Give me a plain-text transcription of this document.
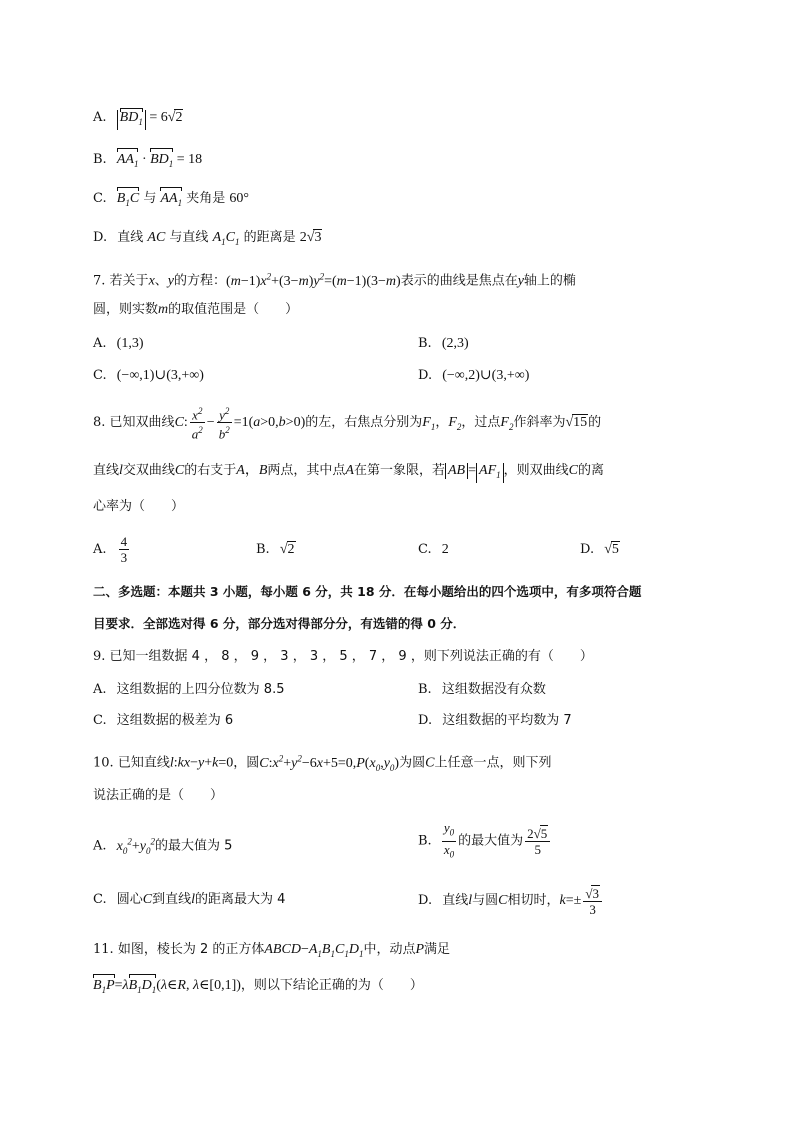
A. $BD_1 = 6√2$
B. $AA_1 \cdot BD_1 = 18$
C. $B_1C$ 与 $AA_1$ 夹角是 60°
D. 直线 AC 与直线 $A_1C_1$ 的距离是 2√3
7. 若关于x、y的方程：$(m-1)x^2+(3-m)y^2=(m-1)(3-m)$表示的曲线是焦点在y轴上的椭
圆，则实数m的取值范围是（　　）
A. (1,3)	B. (2,3)
C. (−∞,1)∪(3,+∞)	D. (−∞,2)∪(3,+∞)
8. 已知双曲线C: $\frac{x^2}{a^2} - \frac{y^2}{b^2} =1(a>0,b>0)$的左，右焦点分别为$F_1$，$F_2$，过点$F_2$作斜率为√15的
直线l交双曲线C的右支于A，B两点，其中点A在第一象限，若 AB = $AF_1$ ，则双曲线C的离
心率为（　　）
A. $\frac{4}{3}$	B. √2	C. 2	D. √5
二、多选题：本题共 3 小题，每小题 6 分，共 18 分．在每小题给出的四个选项中，有多项符合题
目要求．全部选对得 6 分，部分选对得部分分，有选错的得 0 分．
9. 已知一组数据 4 ， 8 ， 9 ， 3 ， 3 ， 5 ， 7 ， 9 ，则下列说法正确的有（　　）
A. 这组数据的上四分位数为 8.5	B. 这组数据没有众数
C. 这组数据的极差为 6	D. 这组数据的平均数为 7
10. 已知直线l:kx−y+k=0，圆$C:x^2+y^2-6x+5=0,P(x_0,y_0)$为圆C上任意一点，则下列
说法正确的是（　　）
A. $x_0^2+y_0^2$的最大值为 5	B. $\frac{y_0}{x_0}$ 的最大值为 $\frac{2√5}{5}$
C. 圆心C到直线l的距离最大为 4	D. 直线l与圆C相切时，$k=\pm \frac{√3}{3}$
11. 如图，棱长为 2 的正方体$ABCD-A_1B_1C_1D_1$中，动点P满足
$B_1P=\lambda B_1D_1(\lambda\in R$, λ∈[0,1])，则以下结论正确的为（　　）
